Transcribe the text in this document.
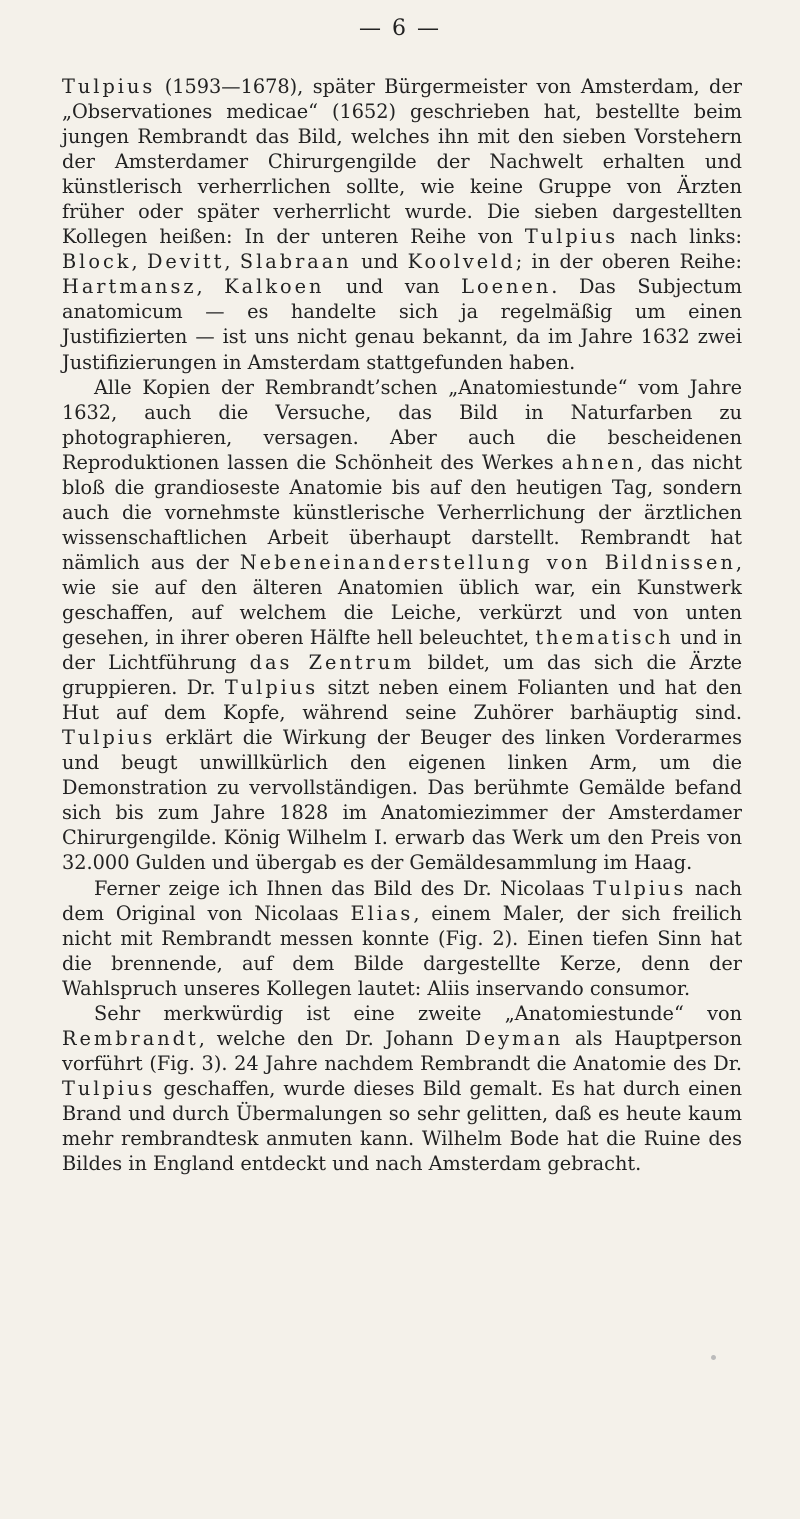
— 6 —

Tulpius (1593—1678), später Bürgermeister von Amsterdam, der „Observationes medicae“ (1652) geschrieben hat, bestellte beim jungen Rembrandt das Bild, welches ihn mit den sieben Vorstehern der Amsterdamer Chirurgengilde der Nachwelt erhalten und künstlerisch verherrlichen sollte, wie keine Gruppe von Ärzten früher oder später verherrlicht wurde. Die sieben dargestellten Kollegen heißen: In der unteren Reihe von Tulpius nach links: Block, Devitt, Slabraan und Koolveld; in der oberen Reihe: Hartmansz, Kalkoen und van Loenen. Das Subjectum anatomicum — es handelte sich ja regelmäßig um einen Justifizierten — ist uns nicht genau bekannt, da im Jahre 1632 zwei Justifizierungen in Amsterdam stattgefunden haben.

Alle Kopien der Rembrandt’schen „Anatomiestunde“ vom Jahre 1632, auch die Versuche, das Bild in Naturfarben zu photographieren, versagen. Aber auch die bescheidenen Reproduktionen lassen die Schönheit des Werkes ahnen, das nicht bloß die grandioseste Anatomie bis auf den heutigen Tag, sondern auch die vornehmste künstlerische Verherrlichung der ärztlichen wissenschaftlichen Arbeit überhaupt darstellt. Rembrandt hat nämlich aus der Nebeneinanderstellung von Bildnissen, wie sie auf den älteren Anatomien üblich war, ein Kunstwerk geschaffen, auf welchem die Leiche, verkürzt und von unten gesehen, in ihrer oberen Hälfte hell beleuchtet, thematisch und in der Lichtführung das Zentrum bildet, um das sich die Ärzte gruppieren. Dr. Tulpius sitzt neben einem Folianten und hat den Hut auf dem Kopfe, während seine Zuhörer barhäuptig sind. Tulpius erklärt die Wirkung der Beuger des linken Vorderarmes und beugt unwillkürlich den eigenen linken Arm, um die Demonstration zu vervollständigen. Das berühmte Gemälde befand sich bis zum Jahre 1828 im Anatomiezimmer der Amsterdamer Chirurgengilde. König Wilhelm I. erwarb das Werk um den Preis von 32.000 Gulden und übergab es der Gemäldesammlung im Haag.

Ferner zeige ich Ihnen das Bild des Dr. Nicolaas Tulpius nach dem Original von Nicolaas Elias, einem Maler, der sich freilich nicht mit Rembrandt messen konnte (Fig. 2). Einen tiefen Sinn hat die brennende, auf dem Bilde dargestellte Kerze, denn der Wahlspruch unseres Kollegen lautet: Aliis inservando consumor.

Sehr merkwürdig ist eine zweite „Anatomiestunde“ von Rembrandt, welche den Dr. Johann Deyman als Hauptperson vorführt (Fig. 3). 24 Jahre nachdem Rembrandt die Anatomie des Dr. Tulpius geschaffen, wurde dieses Bild gemalt. Es hat durch einen Brand und durch Übermalungen so sehr gelitten, daß es heute kaum mehr rembrandtesk anmuten kann. Wilhelm Bode hat die Ruine des Bildes in England entdeckt und nach Amsterdam gebracht.
